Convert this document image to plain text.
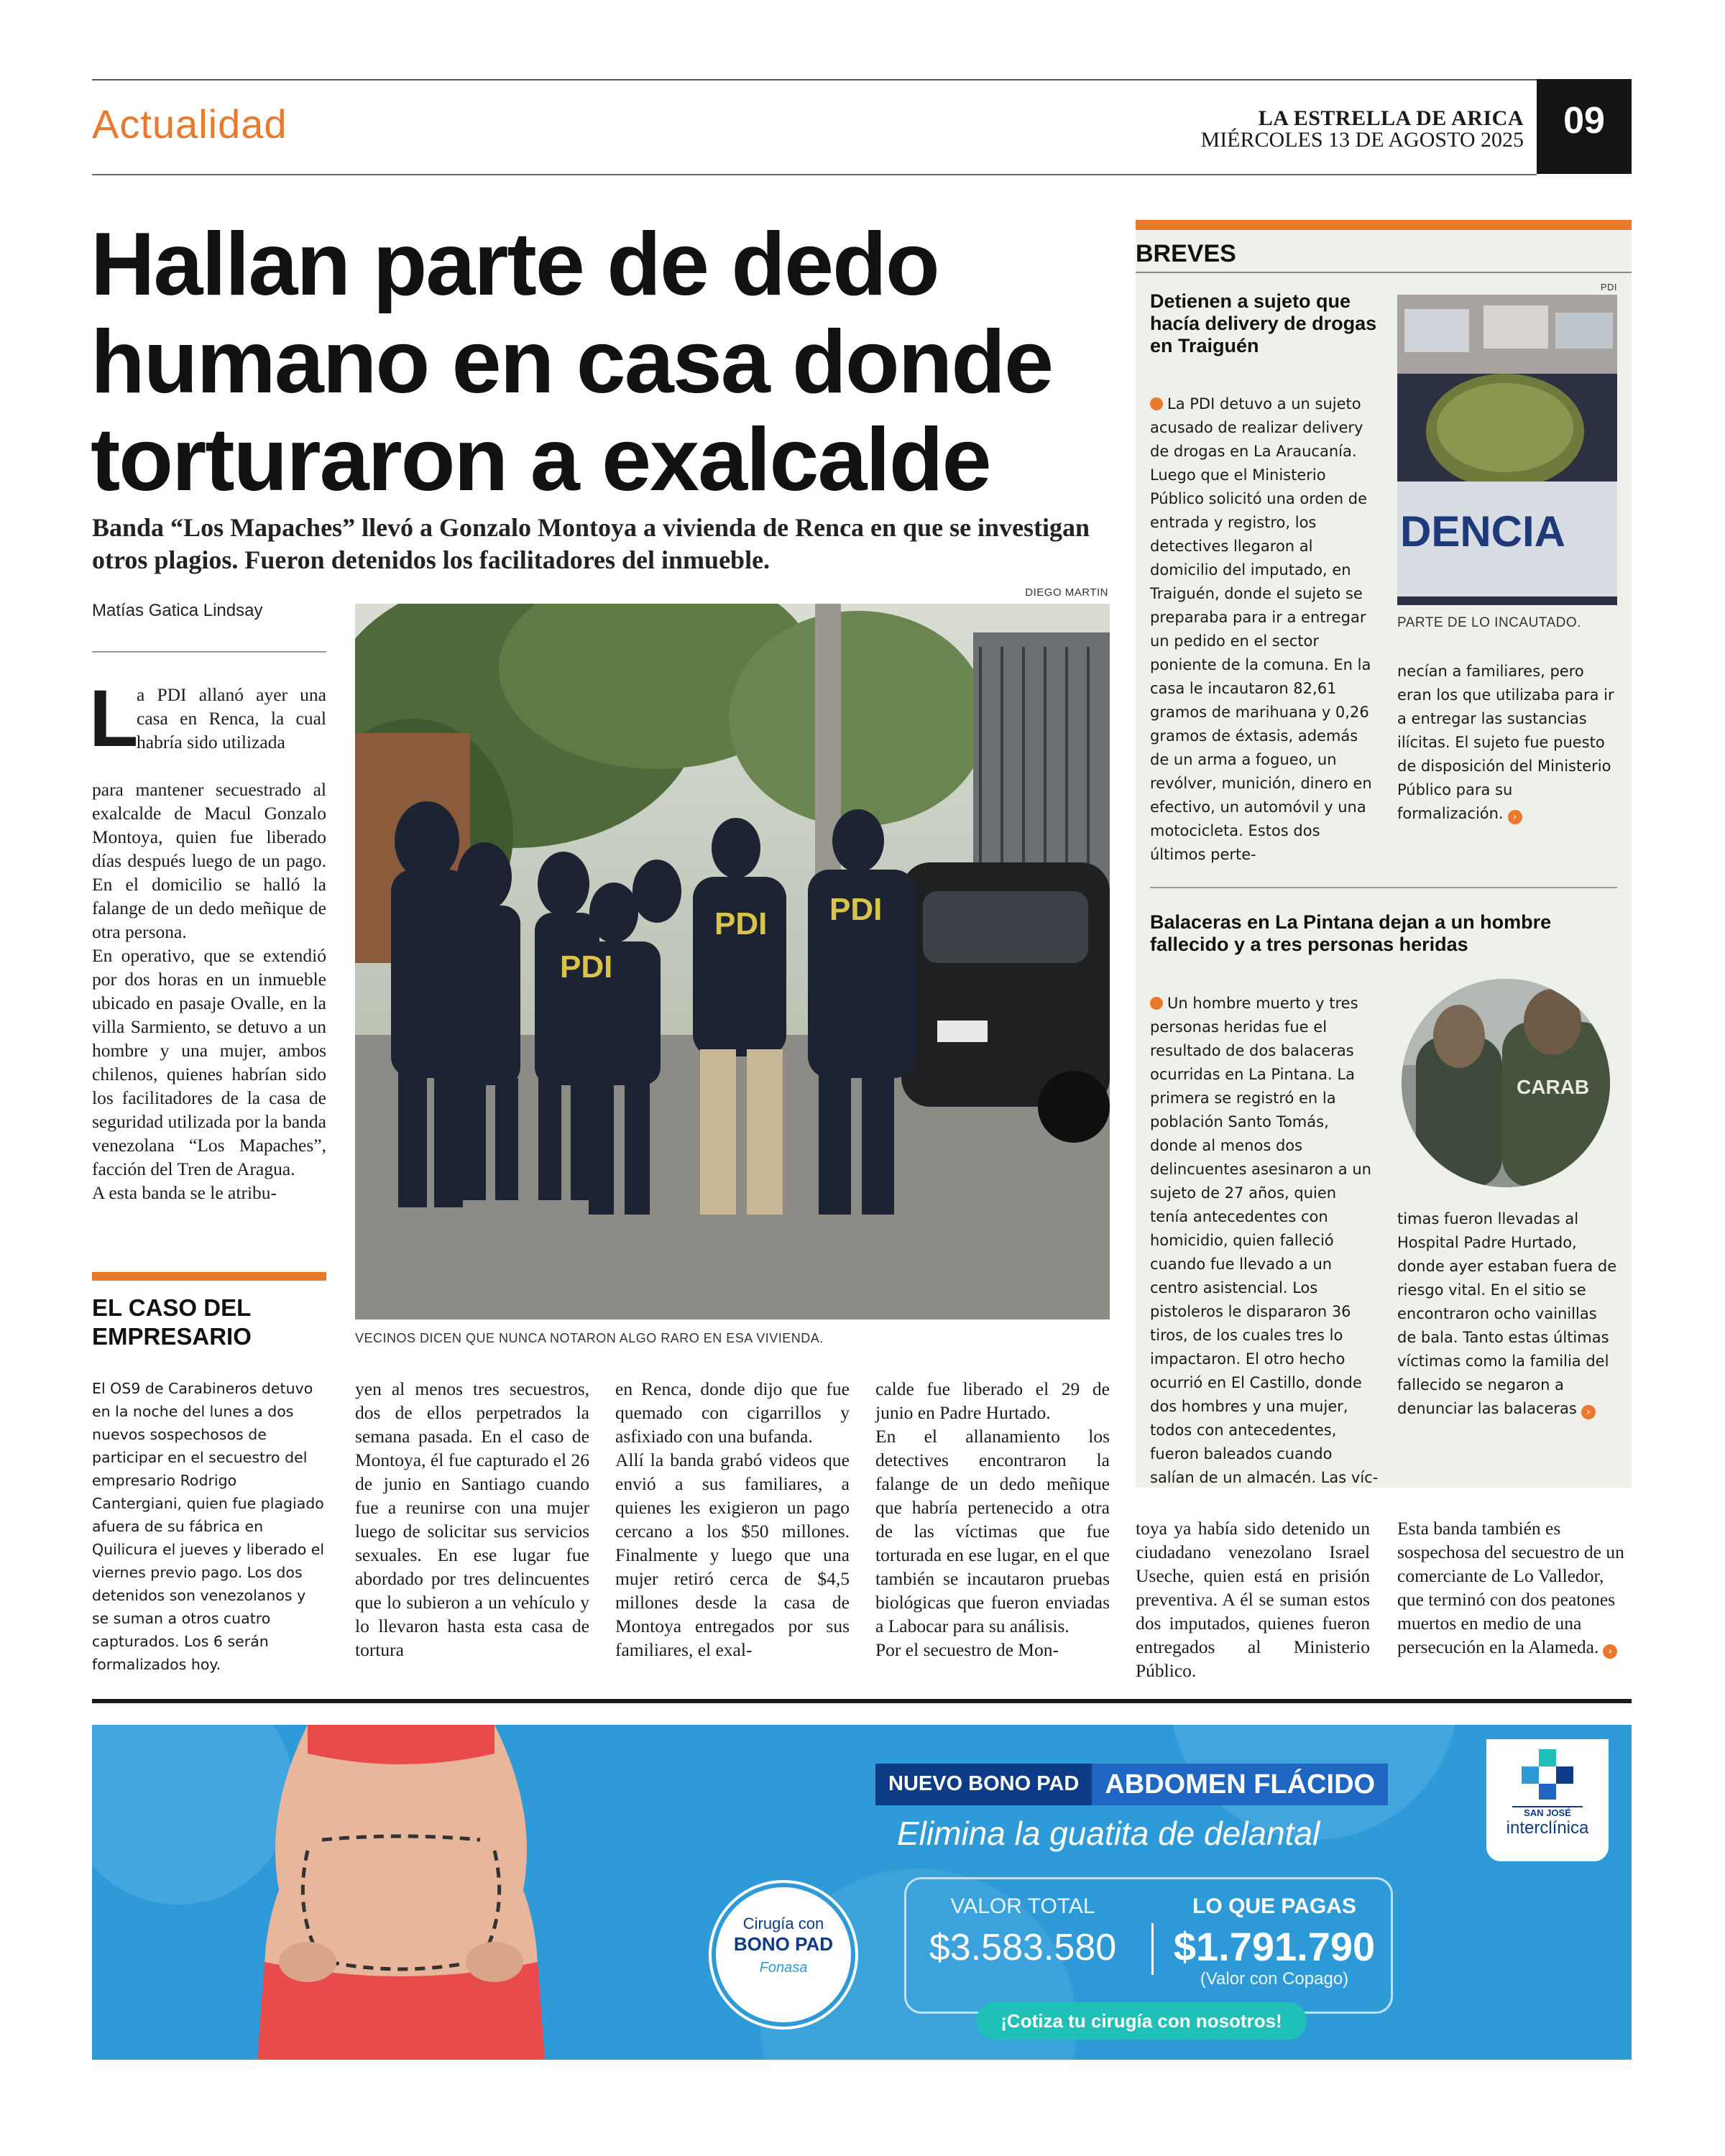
Actualidad	LA ESTRELLA DE ARICA
MIÉRCOLES 13 DE AGOSTO 2025	09
Hallan parte de dedo
humano en casa donde
torturaron a exalcalde
Banda “Los Mapaches” llevó a Gonzalo Montoya a vivienda de Renca en que se investigan otros plagios. Fueron detenidos los facilitadores del inmueble.
Matías Gatica Lindsay
DIEGO MARTIN
PDI
PDI PDI
VECINOS DICEN QUE NUNCA NOTARON ALGO RARO EN ESA VIVIENDA.
L
a PDI allanó ayer una casa en Renca, la cual habría sido utilizada
para mantener secuestrado al exalcalde de Macul Gonzalo Montoya, quien fue liberado días después luego de un pago. En el domicilio se halló la falange de un dedo meñique de otra persona.
En operativo, que se extendió por dos horas en un inmueble ubicado en pasaje Ovalle, en la villa Sarmiento, se detuvo a un hombre y una mujer, ambos chilenos, quienes habrían sido los facilitadores de la casa de seguridad utilizada por la banda venezolana “Los Mapaches”, facción del Tren de Aragua.
A esta banda se le atribu-
EL CASO DEL
EMPRESARIO
El OS9 de Carabineros detuvo en la noche del lunes a dos nuevos sospechosos de participar en el secuestro del empresario Rodrigo Cantergiani, quien fue plagiado afuera de su fábrica en Quilicura el jueves y liberado el viernes previo pago. Los dos detenidos son venezolanos y se suman a otros cuatro capturados. Los 6 serán formalizados hoy.
yen al menos tres secuestros, dos de ellos perpetrados la semana pasada. En el caso de Montoya, él fue capturado el 26 de junio en Santiago cuando fue a reunirse con una mujer luego de solicitar sus servicios sexuales. En ese lugar fue abordado por tres delincuentes que lo subieron a un vehículo y lo llevaron hasta esta casa de tortura
en Renca, donde dijo que fue quemado con cigarrillos y asfixiado con una bufanda.
Allí la banda grabó videos que envió a sus familiares, a quienes les exigieron un pago cercano a los $50 millones. Finalmente y luego que una mujer retiró cerca de $4,5 millones desde la casa de Montoya entregados por sus familiares, el exal-
calde fue liberado el 29 de junio en Padre Hurtado.
En el allanamiento los detectives encontraron la falange de un dedo meñique que habría pertenecido a otra de las víctimas que fue torturada en ese lugar, en el que también se incautaron pruebas biológicas que fueron enviadas a Labocar para su análisis.
Por el secuestro de Mon-
toya ya había sido detenido un ciudadano venezolano Israel Useche, quien está en prisión preventiva. A él se suman estos dos imputados, quienes fueron entregados al Ministerio Público.
Esta banda también es sospechosa del secuestro de un comerciante de Lo Valledor, que terminó con dos peatones muertos en medio de una persecución en la Alameda. ›
BREVES
Detienen a sujeto que hacía delivery de drogas en Traiguén
DENCIA
PDI
PARTE DE LO INCAUTADO.
La PDI detuvo a un sujeto acusado de realizar delivery de drogas en La Araucanía. Luego que el Ministerio Público solicitó una orden de entrada y registro, los detectives llegaron al domicilio del imputado, en Traiguén, donde el sujeto se preparaba para ir a entregar un pedido en el sector poniente de la comuna. En la casa le incautaron 82,61 gramos de marihuana y 0,26 gramos de éxtasis, además de un arma a fogueo, un revólver, munición, dinero en efectivo, un automóvil y una motocicleta. Estos dos últimos perte-
necían a familiares, pero eran los que utilizaba para ir a entregar las sustancias ilícitas. El sujeto fue puesto de disposición del Ministerio Público para su formalización. ›
Balaceras en La Pintana dejan a un hombre fallecido y a tres personas heridas
CARAB
Un hombre muerto y tres personas heridas fue el resultado de dos balaceras ocurridas en La Pintana. La primera se registró en la población Santo Tomás, donde al menos dos delincuentes asesinaron a un sujeto de 27 años, quien tenía antecedentes con homicidio, quien falleció cuando fue llevado a un centro asistencial. Los pistoleros le dispararon 36 tiros, de los cuales tres lo impactaron. El otro hecho ocurrió en El Castillo, donde dos hombres y una mujer, todos con antecedentes, fueron baleados cuando salían de un almacén. Las víc-
timas fueron llevadas al Hospital Padre Hurtado, donde ayer estaban fuera de riesgo vital. En el sitio se encontraron ocho vainillas de bala. Tanto estas últimas víctimas como la familia del fallecido se negaron a denunciar las balaceras ›
Cirugía con
BONO PAD
Fonasa
NUEVO BONO PAD ABDOMEN FLÁCIDO
Elimina la guatita de delantal
VALOR TOTAL
$3.583.580
LO QUE PAGAS
$1.791.790
(Valor con Copago)
¡Cotiza tu cirugía con nosotros!
SAN JOSÉ
interclínica
